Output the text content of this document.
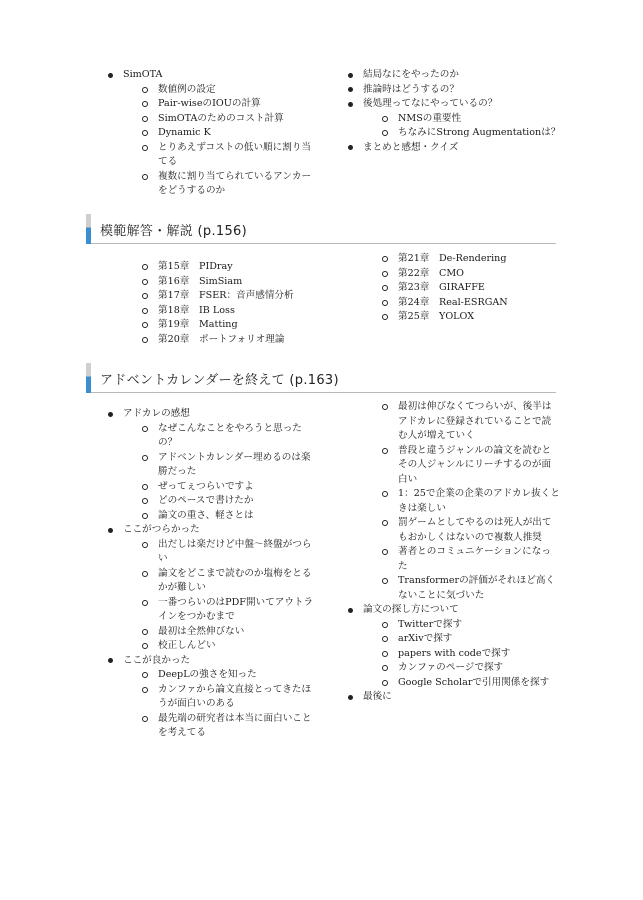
SimOTA
数値例の設定
Pair-wiseのIOUの計算
SimOTAのためのコスト計算
Dynamic K
とりあえずコストの低い順に割り当てる
複数に割り当てられているアンカーをどうするのか
結局なにをやったのか
推論時はどうするの？
後処理ってなにやっているの？
NMSの重要性
ちなみにStrong Augmentationは？
まとめと感想・クイズ
模範解答・解説 (p.156)
第15章　PIDray
第16章　SimSiam
第17章　FSER：音声感情分析
第18章　IB Loss
第19章　Matting
第20章　ポートフォリオ理論
第21章　De-Rendering
第22章　CMO
第23章　GIRAFFE
第24章　Real-ESRGAN
第25章　YOLOX
アドベントカレンダーを終えて (p.163)
アドカレの感想
なぜこんなことをやろうと思ったの？
アドベントカレンダー埋めるのは楽勝だった
ぜってぇつらいですよ
どのペースで書けたか
論文の重さ、軽さとは
ここがつらかった
出だしは楽だけど中盤〜終盤がつらい
論文をどこまで読むのか塩梅をとるかが難しい
一番つらいのはPDF開いてアウトラインをつかむまで
最初は全然伸びない
校正しんどい
ここが良かった
DeepLの強さを知った
カンファから論文直接とってきたほうが面白いのある
最先端の研究者は本当に面白いことを考えてる
最初は伸びなくてつらいが、後半はアドカレに登録されていることで読む人が増えていく
普段と違うジャンルの論文を読むとその人ジャンルにリーチするのが面白い
1：25で企業の企業のアドカレ抜くときは楽しい
罰ゲームとしてやるのは死人が出てもおかしくはないので複数人推奨
著者とのコミュニケーションになった
Transformerの評価がそれほど高くないことに気づいた
論文の探し方について
Twitterで探す
arXivで探す
papers with codeで探す
カンファのページで探す
Google Scholarで引用関係を探す
最後に
